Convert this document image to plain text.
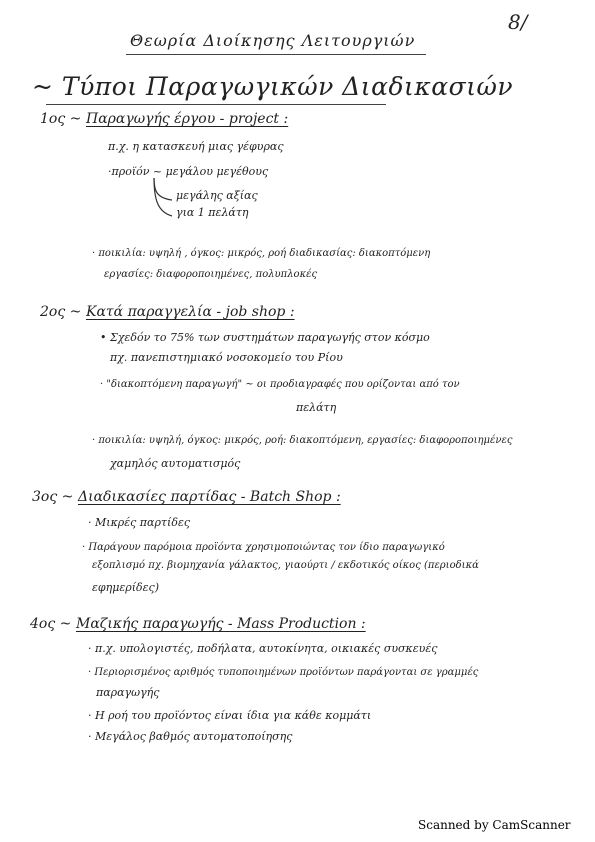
8/
Θεωρία Διοίκησης Λειτουργιών
~ Τύποι Παραγωγικών Διαδικασιών
1ος ~ Παραγωγής έργου - project :
π.χ. η κατασκευή μιας γέφυρας
·προϊόν ~ μεγάλου μεγέθους
μεγάλης αξίας
για 1 πελάτη
· ποικιλία: υψηλή , όγκος: μικρός, ροή διαδικασίας: διακοπτόμενη
εργασίες: διαφοροποιημένες, πολυπλοκές
2ος ~ Κατά παραγγελία - job shop :
• Σχεδόν το 75% των συστημάτων παραγωγής στον κόσμο
πχ. πανεπιστημιακό νοσοκομείο του Ρίου
· "διακοπτόμενη παραγωγή" ~ οι προδιαγραφές που ορίζονται από τον
πελάτη
· ποικιλία: υψηλή, όγκος: μικρός, ροή: διακοπτόμενη, εργασίες: διαφοροποιημένες
χαμηλός αυτοματισμός
3ος ~ Διαδικασίες παρτίδας - Batch Shop :
· Μικρές παρτίδες
· Παράγουν παρόμοια προϊόντα χρησιμοποιώντας τον ίδιο παραγωγικό
εξοπλισμό πχ. βιομηχανία γάλακτος, γιαούρτι / εκδοτικός οίκος (περιοδικά
εφημερίδες)
4ος ~ Μαζικής παραγωγής - Mass Production :
· π.χ. υπολογιστές, ποδήλατα, αυτοκίνητα, οικιακές συσκευές
· Περιορισμένος αριθμός τυποποιημένων προϊόντων παράγονται σε γραμμές
παραγωγής
· Η ροή του προϊόντος είναι ίδια για κάθε κομμάτι
· Μεγάλος βαθμός αυτοματοποίησης
Scanned by CamScanner
